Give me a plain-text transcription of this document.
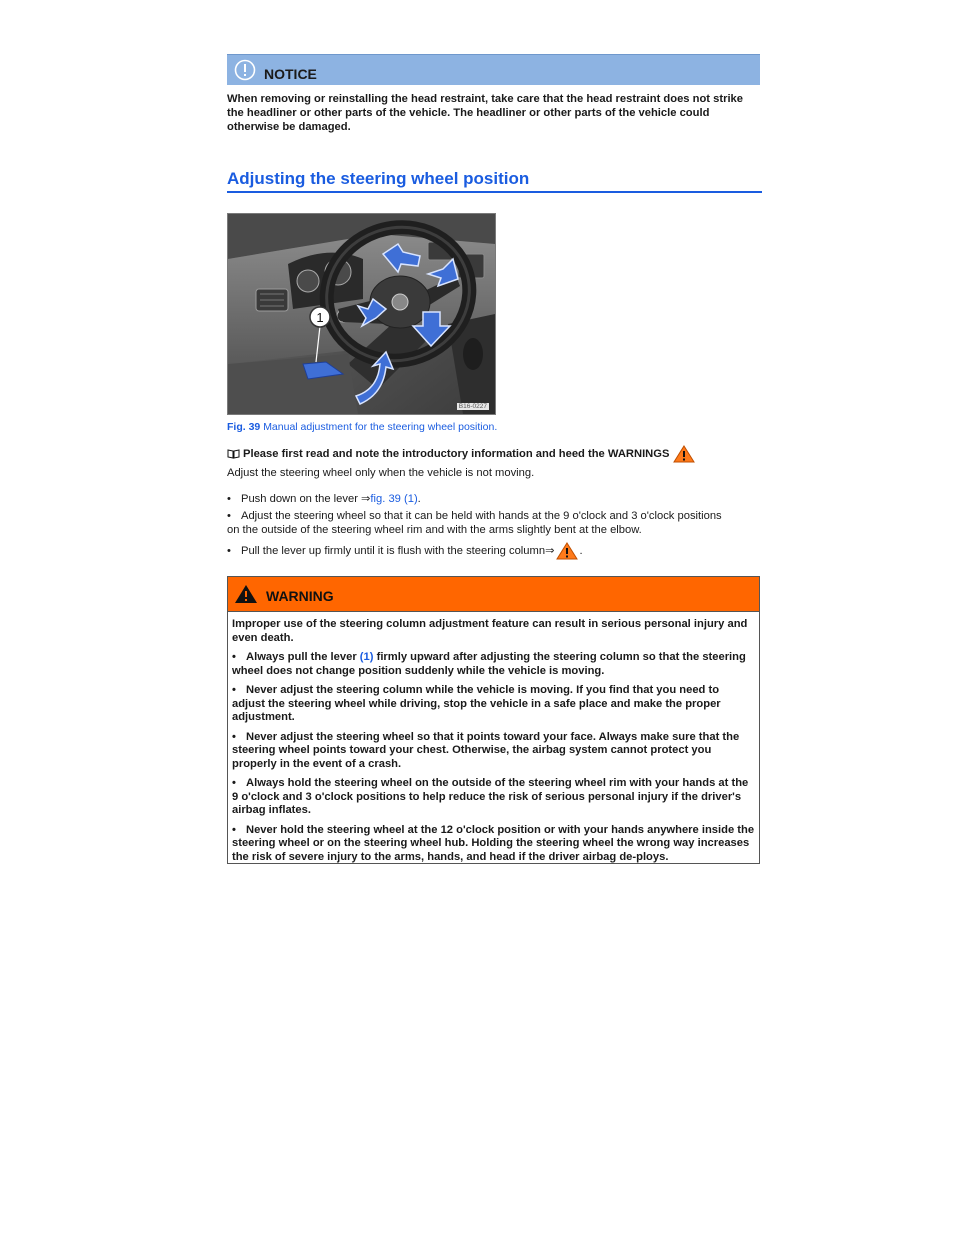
NOTICE
When removing or reinstalling the head restraint, take care that the head restraint does not strike the headliner or other parts of the vehicle. The headliner or other parts of the vehicle could otherwise be damaged.
Adjusting the steering wheel position
1
B16-0227
Fig. 39 Manual adjustment for the steering wheel position.
Please first read and note the introductory information and heed the WARNINGS
Adjust the steering wheel only when the vehicle is not moving.
• Push down on the lever ⇒fig. 39 (1).
• Adjust the steering wheel so that it can be held with hands at the 9 o'clock and 3 o'clock positions
on the outside of the steering wheel rim and with the arms slightly bent at the elbow.
• Pull the lever up firmly until it is flush with the steering column ⇒ .
WARNING
Improper use of the steering column adjustment feature can result in serious personal injury and even death.
• Always pull the lever (1) firmly upward after adjusting the steering column so that the steering wheel does not change position suddenly while the vehicle is moving.
• Never adjust the steering column while the vehicle is moving. If you find that you need to adjust the steering wheel while driving, stop the vehicle in a safe place and make the proper adjustment.
• Never adjust the steering wheel so that it points toward your face. Always make sure that the steering wheel points toward your chest. Otherwise, the airbag system cannot protect you properly in the event of a crash.
• Always hold the steering wheel on the outside of the steering wheel rim with your hands at the 9 o'clock and 3 o'clock positions to help reduce the risk of serious personal injury if the driver's airbag inflates.
• Never hold the steering wheel at the 12 o'clock position or with your hands anywhere inside the steering wheel or on the steering wheel hub. Holding the steering wheel the wrong way increases the risk of severe injury to the arms, hands, and head if the driver airbag de-ploys.
